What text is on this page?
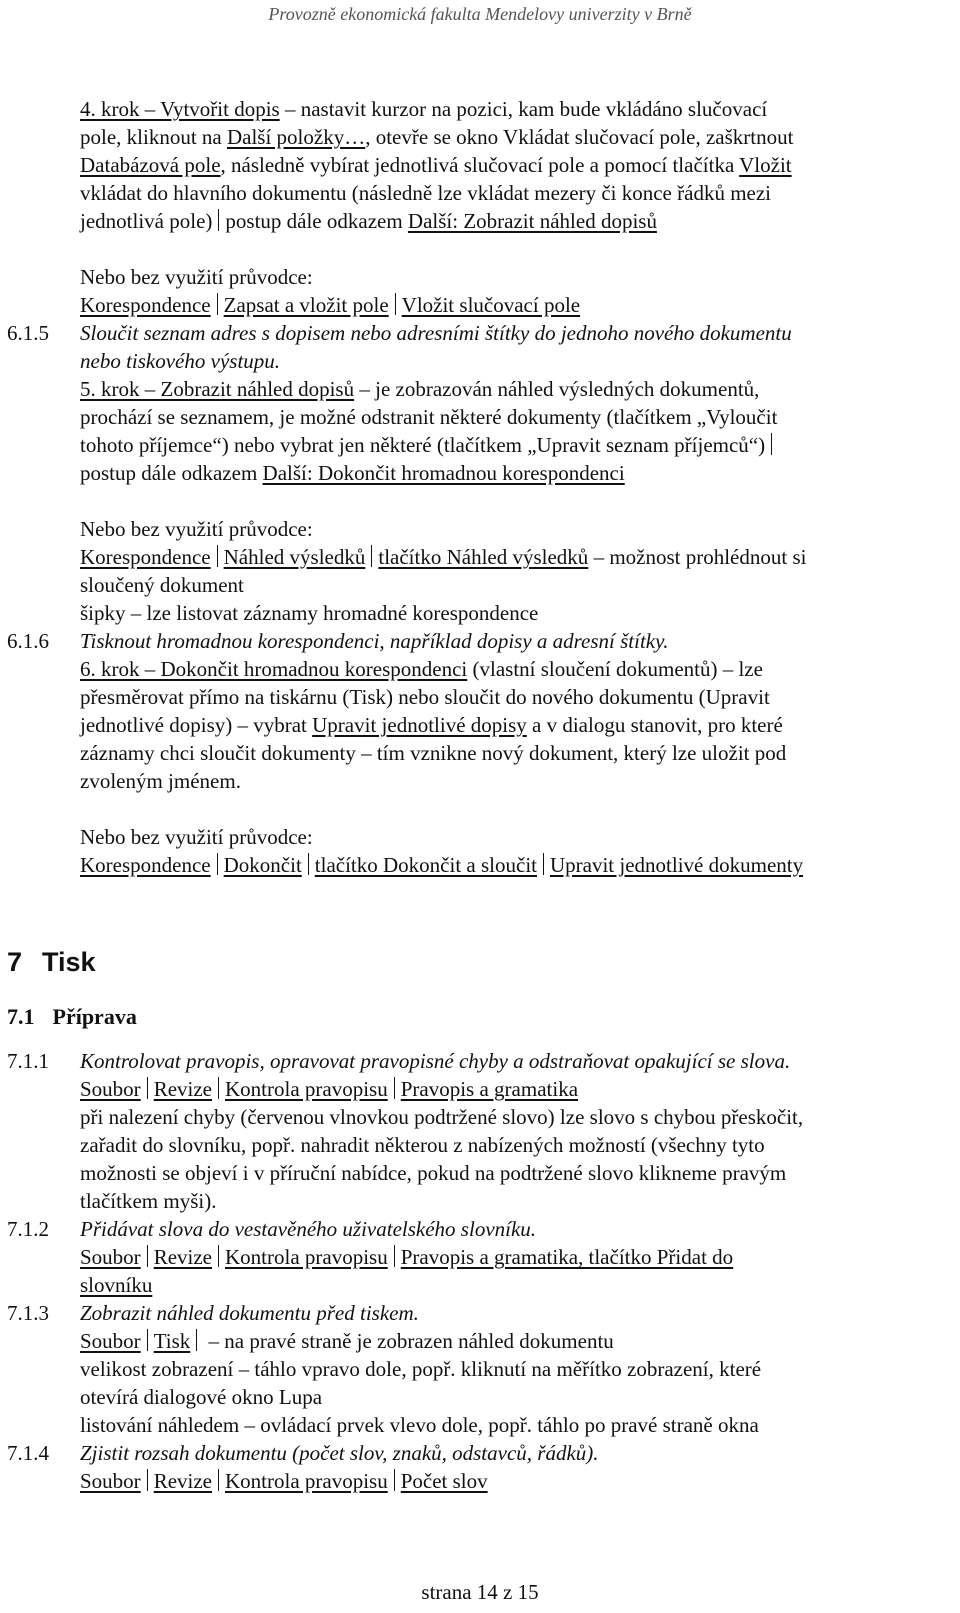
Provozně ekonomická fakulta Mendelovy univerzity v Brně
4. krok – Vytvořit dopis – nastavit kurzor na pozici, kam bude vkládáno slučovací
pole, kliknout na Další položky…, otevře se okno Vkládat slučovací pole, zaškrtnout
Databázová pole, následně vybírat jednotlivá slučovací pole a pomocí tlačítka Vložit
vkládat do hlavního dokumentu (následně lze vkládat mezery či konce řádků mezi
jednotlivá pole) postup dále odkazem Další: Zobrazit náhled dopisů
Nebo bez využití průvodce:
Korespondence Zapsat a vložit pole Vložit slučovací pole
6.1.5 Sloučit seznam adres s dopisem nebo adresními štítky do jednoho nového dokumentu
nebo tiskového výstupu.
5. krok – Zobrazit náhled dopisů – je zobrazován náhled výsledných dokumentů,
prochází se seznamem, je možné odstranit některé dokumenty (tlačítkem „Vyloučit
tohoto příjemce“) nebo vybrat jen některé (tlačítkem „Upravit seznam příjemců“)
postup dále odkazem Další: Dokončit hromadnou korespondenci
Nebo bez využití průvodce:
Korespondence Náhled výsledků tlačítko Náhled výsledků – možnost prohlédnout si
sloučený dokument
šipky – lze listovat záznamy hromadné korespondence
6.1.6 Tisknout hromadnou korespondenci, například dopisy a adresní štítky.
6. krok – Dokončit hromadnou korespondenci (vlastní sloučení dokumentů) – lze
přesměrovat přímo na tiskárnu (Tisk) nebo sloučit do nového dokumentu (Upravit
jednotlivé dopisy) – vybrat Upravit jednotlivé dopisy a v dialogu stanovit, pro které
záznamy chci sloučit dokumenty – tím vznikne nový dokument, který lze uložit pod
zvoleným jménem.
Nebo bez využití průvodce:
Korespondence Dokončit tlačítko Dokončit a sloučit Upravit jednotlivé dokumenty
7 Tisk
7.1 Příprava
7.1.1 Kontrolovat pravopis, opravovat pravopisné chyby a odstraňovat opakující se slova.
Soubor Revize Kontrola pravopisu Pravopis a gramatika
při nalezení chyby (červenou vlnovkou podtržené slovo) lze slovo s chybou přeskočit,
zařadit do slovníku, popř. nahradit některou z nabízených možností (všechny tyto
možnosti se objeví i v příruční nabídce, pokud na podtržené slovo klikneme pravým
tlačítkem myši).
7.1.2 Přidávat slova do vestavěného uživatelského slovníku.
Soubor Revize Kontrola pravopisu Pravopis a gramatika, tlačítko Přidat do
slovníku
7.1.3 Zobrazit náhled dokumentu před tiskem.
Soubor Tisk – na pravé straně je zobrazen náhled dokumentu
velikost zobrazení – táhlo vpravo dole, popř. kliknutí na měřítko zobrazení, které
otevírá dialogové okno Lupa
listování náhledem – ovládací prvek vlevo dole, popř. táhlo po pravé straně okna
7.1.4 Zjistit rozsah dokumentu (počet slov, znaků, odstavců, řádků).
Soubor Revize Kontrola pravopisu Počet slov
strana 14 z 15
